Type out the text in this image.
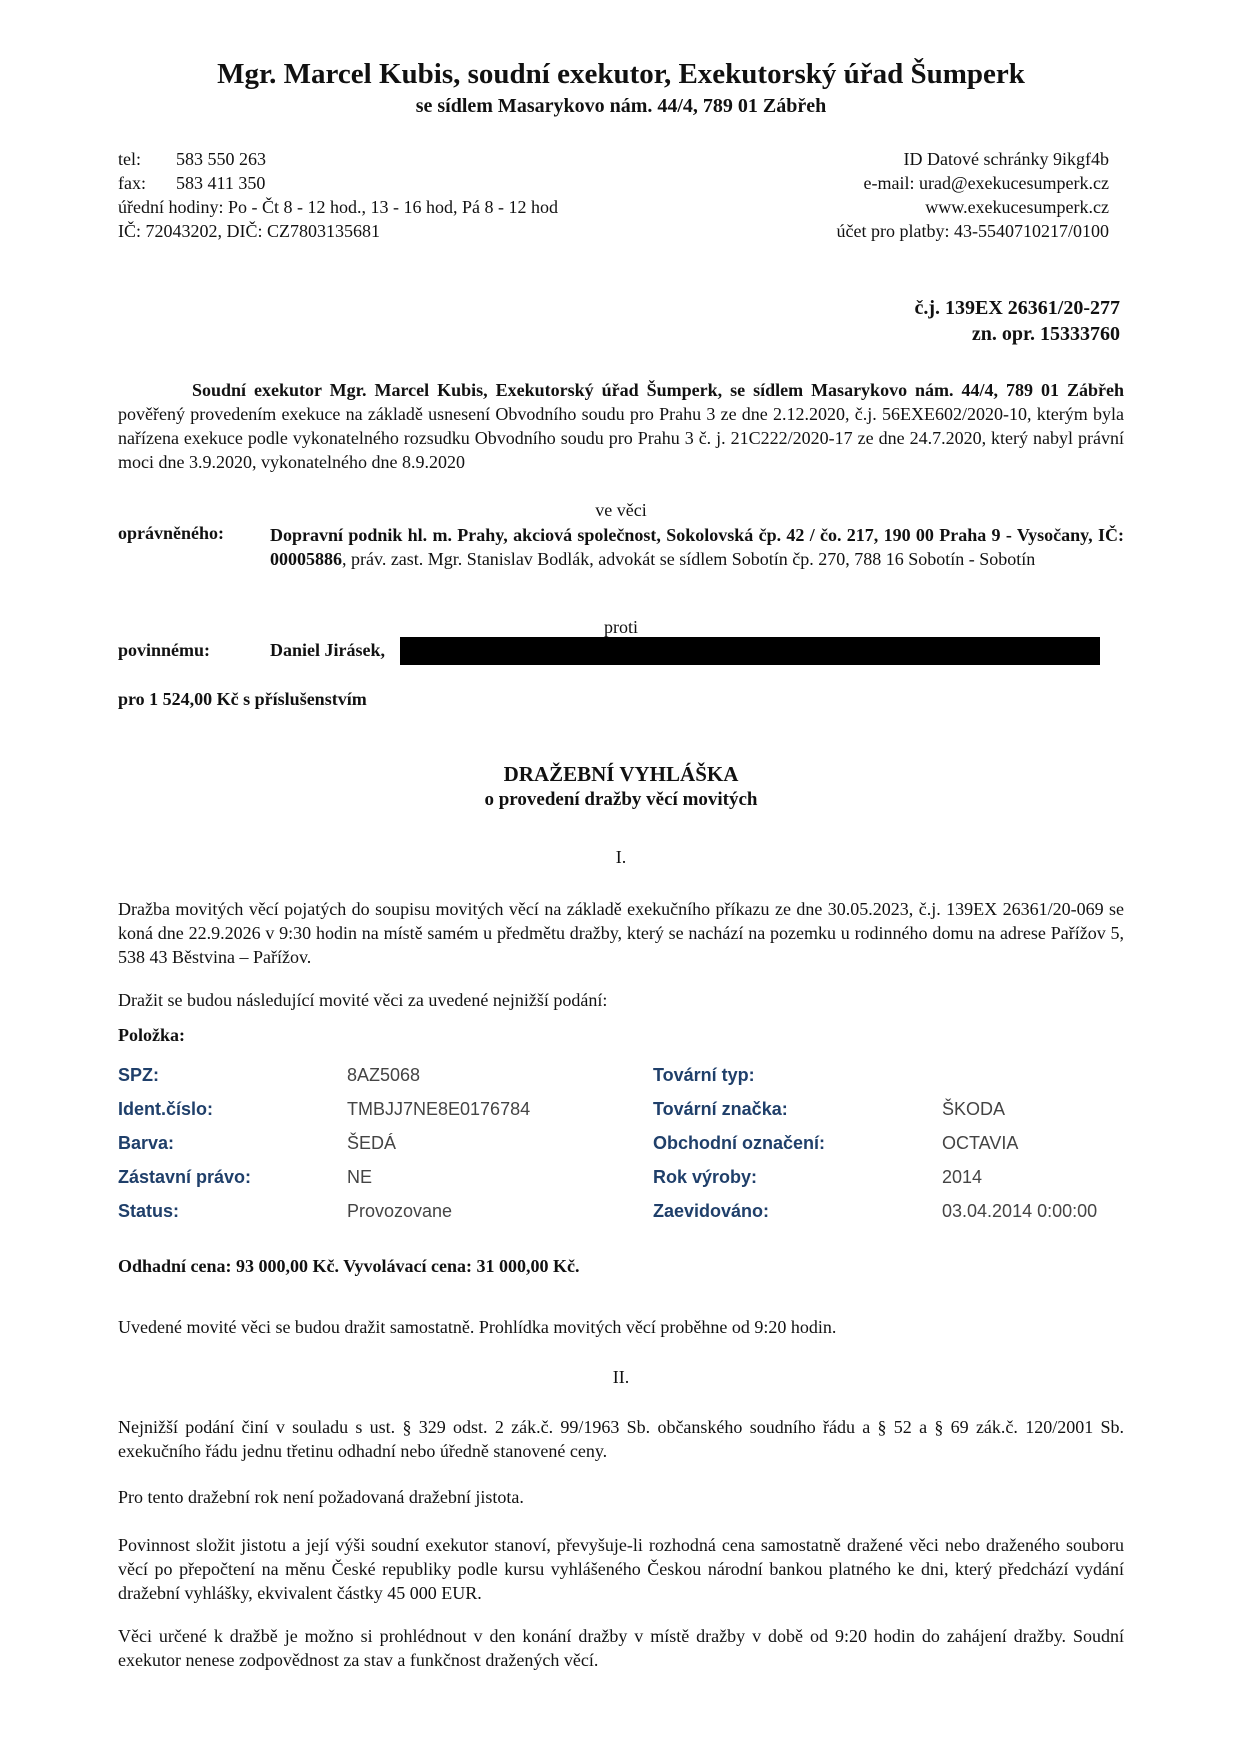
Mgr. Marcel Kubis, soudní exekutor, Exekutorský úřad Šumperk
se sídlem Masarykovo nám. 44/4, 789 01 Zábřeh
tel: 583 550 263
fax: 583 411 350
úřední hodiny: Po - Čt 8 - 12 hod., 13 - 16 hod, Pá 8 - 12 hod
IČ: 72043202, DIČ: CZ7803135681
ID Datové schránky 9ikgf4b
e-mail: urad@exekucesumperk.cz
www.exekucesumperk.cz
účet pro platby: 43-5540710217/0100
č.j. 139EX 26361/20-277
zn. opr. 15333760
Soudní exekutor Mgr. Marcel Kubis, Exekutorský úřad Šumperk, se sídlem Masarykovo nám. 44/4, 789 01 Zábřeh pověřený provedením exekuce na základě usnesení Obvodního soudu pro Prahu 3 ze dne 2.12.2020, č.j. 56EXE602/2020-10, kterým byla nařízena exekuce podle vykonatelného rozsudku Obvodního soudu pro Prahu 3 č. j. 21C222/2020-17 ze dne 24.7.2020, který nabyl právní moci dne 3.9.2020, vykonatelného dne 8.9.2020
ve věci
oprávněného:	Dopravní podnik hl. m. Prahy, akciová společnost, Sokolovská čp. 42 / čo. 217, 190 00 Praha 9 - Vysočany, IČ: 00005886, práv. zast. Mgr. Stanislav Bodlák, advokát se sídlem Sobotín čp. 270, 788 16 Sobotín - Sobotín
proti
povinnému:	Daniel Jirásek,
pro 1 524,00 Kč s příslušenstvím
DRAŽEBNÍ VYHLÁŠKA
o provedení dražby věcí movitých
I.
Dražba movitých věcí pojatých do soupisu movitých věcí na základě exekučního příkazu ze dne 30.05.2023, č.j. 139EX 26361/20-069 se koná dne 22.9.2026 v 9:30 hodin na místě samém u předmětu dražby, který se nachází na pozemku u rodinného domu na adrese Pařížov 5, 538 43 Běstvina – Pařížov.
Dražit se budou následující movité věci za uvedené nejnižší podání:
Položka:
SPZ:	8AZ5068	Tovární typ:
Ident.číslo:	TMBJJ7NE8E0176784	Tovární značka:	ŠKODA
Barva:	ŠEDÁ	Obchodní označení:	OCTAVIA
Zástavní právo:	NE	Rok výroby:	2014
Status:	Provozovane	Zaevidováno:	03.04.2014 0:00:00
Odhadní cena: 93 000,00 Kč. Vyvolávací cena: 31 000,00 Kč.
Uvedené movité věci se budou dražit samostatně. Prohlídka movitých věcí proběhne od 9:20 hodin.
II.
Nejnižší podání činí v souladu s ust. § 329 odst. 2 zák.č. 99/1963 Sb. občanského soudního řádu a § 52 a § 69 zák.č. 120/2001 Sb. exekučního řádu jednu třetinu odhadní nebo úředně stanovené ceny.
Pro tento dražební rok není požadovaná dražební jistota.
Povinnost složit jistotu a její výši soudní exekutor stanoví, převyšuje-li rozhodná cena samostatně dražené věci nebo draženého souboru věcí po přepočtení na měnu České republiky podle kursu vyhlášeného Českou národní bankou platného ke dni, který předchází vydání dražební vyhlášky, ekvivalent částky 45 000 EUR.
Věci určené k dražbě je možno si prohlédnout v den konání dražby v místě dražby v době od 9:20 hodin do zahájení dražby. Soudní exekutor nenese zodpovědnost za stav a funkčnost dražených věcí.
